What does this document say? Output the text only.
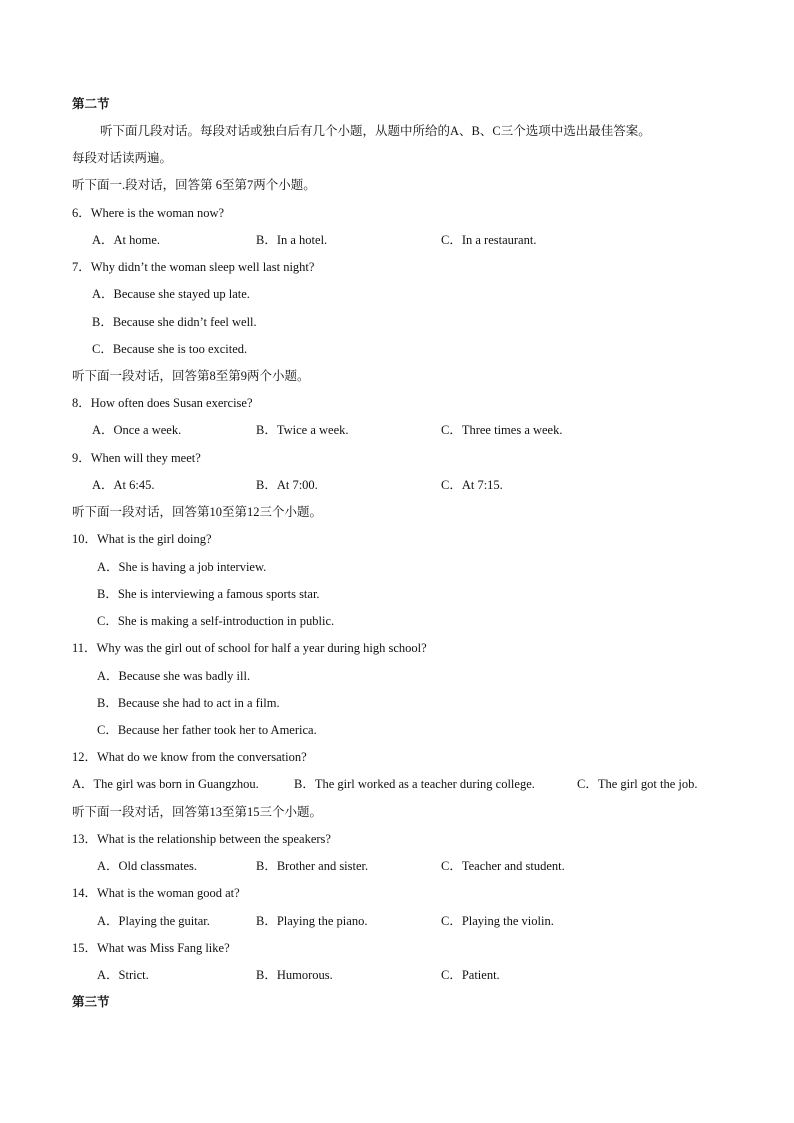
第二节
听下面几段对话。每段对话或独白后有几个小题，从题中所给的A、B、C三个选项中选出最佳答案。
每段对话读两遍。
听下面一.段对话，回答第 6至第7两个小题。
6．Where is the woman now?
A．At home.	B．In a hotel.	C．In a restaurant.
7．Why didn’t the woman sleep well last night?
A．Because she stayed up late.
B．Because she didn’t feel well.
C．Because she is too excited.
听下面一段对话，回答第8至第9两个小题。
8．How often does Susan exercise?
A．Once a week.	B．Twice a week.	C．Three times a week.
9．When will they meet?
A．At 6:45.	B．At 7:00.	C．At 7:15.
听下面一段对话，回答第10至第12三个小题。
10．What is the girl doing?
A．She is having a job interview.
B．She is interviewing a famous sports star.
C．She is making a self-introduction in public.
11．Why was the girl out of school for half a year during high school?
A．Because she was badly ill.
B．Because she had to act in a film.
C．Because her father took her to America.
12．What do we know from the conversation?
A．The girl was born in Guangzhou.	B．The girl worked as a teacher during college.	C．The girl got the job.
听下面一段对话，回答第13至第15三个小题。
13．What is the relationship between the speakers?
A．Old classmates.	B．Brother and sister.	C．Teacher and student.
14．What is the woman good at?
A．Playing the guitar.	B．Playing the piano.	C．Playing the violin.
15．What was Miss Fang like?
A．Strict.	B．Humorous.	C．Patient.
第三节
